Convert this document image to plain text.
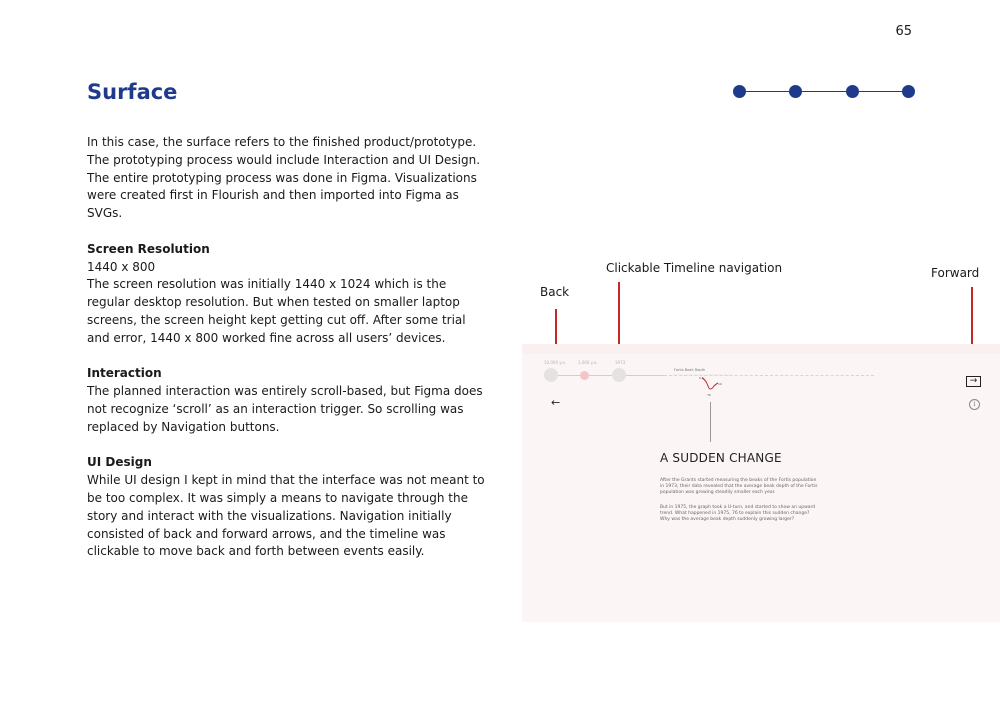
65
Surface

In this case, the surface refers to the finished product/prototype. The prototyping process would include Interaction and UI Design.

The entire prototyping process was done in Figma. Visualizations were created first in Flourish and then imported into Figma as SVGs.

Screen Resolution

1440 x 800

The screen resolution was initially 1440 x 1024 which is the regular desktop resolution. But when tested on smaller laptop screens, the screen height kept getting cut off. After some trial and error, 1440 x 800 worked fine across all users’ devices.

Interaction

The planned interaction was entirely scroll-based, but Figma does not recognize ‘scroll’ as an interaction trigger. So scrolling was replaced by Navigation buttons.

UI Design

While UI design I kept in mind that the interface was not meant to be too complex. It was simply a means to navigate through the story and interact with the visualizations. Navigation initially consisted of back and forward arrows, and the timeline was clickable to move back and forth between events easily.

Back
Clickable Timeline navigation	Forward
10,000 y.a.	1,000 y.a.	1973
←
Fortis Beak Depth
9.6
10
76
→
i
A SUDDEN CHANGE

After the Grants started measuring the beaks of the Fortis population in 1973, their data revealed that the average beak depth of the Fortis population was growing steadily smaller each year.

But in 1975, the graph took a U-turn, and started to show an upward trend. What happened in 1975, 76 to explain this sudden change? Why was the average beak depth suddenly growing larger?
